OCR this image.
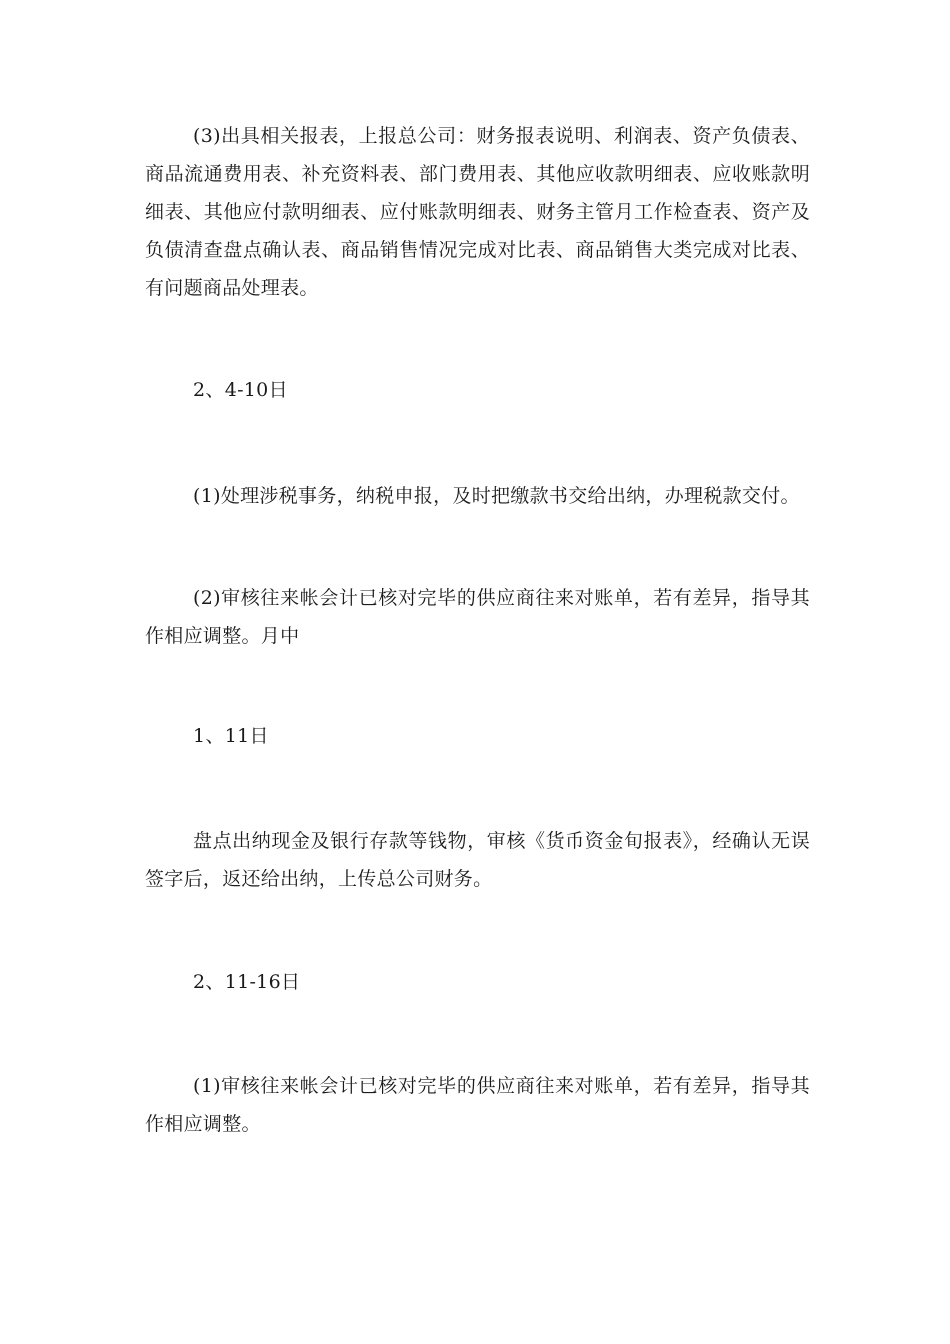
(3)出具相关报表，上报总公司：财务报表说明、利润表、资产负债表、商品流通费用表、补充资料表、部门费用表、其他应收款明细表、应收账款明细表、其他应付款明细表、应付账款明细表、财务主管月工作检查表、资产及负债清查盘点确认表、商品销售情况完成对比表、商品销售大类完成对比表、有问题商品处理表。

2、4-10日

(1)处理涉税事务，纳税申报，及时把缴款书交给出纳，办理税款交付。

(2)审核往来帐会计已核对完毕的供应商往来对账单，若有差异，指导其作相应调整。月中

1、11日

盘点出纳现金及银行存款等钱物，审核《货币资金旬报表》，经确认无误签字后，返还给出纳，上传总公司财务。

2、11-16日

(1)审核往来帐会计已核对完毕的供应商往来对账单，若有差异，指导其作相应调整。
